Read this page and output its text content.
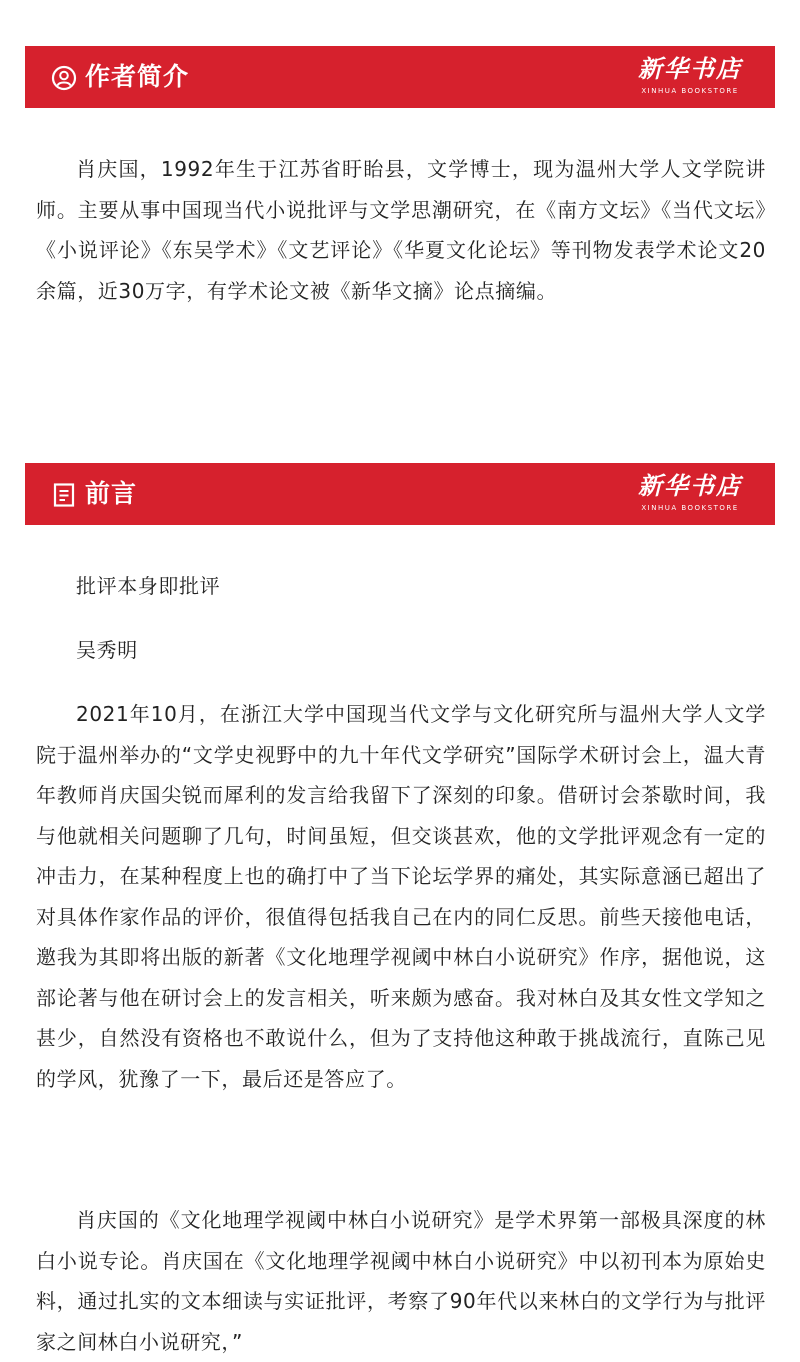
作者简介	新华书店
XINHUA BOOKSTORE

肖庆国，1992年生于江苏省盱眙县，文学博士，现为温州大学人文学院讲师。主要从事中国现当代小说批评与文学思潮研究，在《南方文坛》《当代文坛》《小说评论》《东吴学术》《文艺评论》《华夏文化论坛》等刊物发表学术论文20余篇，近30万字，有学术论文被《新华文摘》论点摘编。

前言	新华书店
XINHUA BOOKSTORE

批评本身即批评

吴秀明

2021年10月，在浙江大学中国现当代文学与文化研究所与温州大学人文学院于温州举办的“文学史视野中的九十年代文学研究”国际学术研讨会上，温大青年教师肖庆国尖锐而犀利的发言给我留下了深刻的印象。借研讨会茶歇时间，我与他就相关问题聊了几句，时间虽短，但交谈甚欢，他的文学批评观念有一定的冲击力，在某种程度上也的确打中了当下论坛学界的痛处，其实际意涵已超出了对具体作家作品的评价，很值得包括我自己在内的同仁反思。前些天接他电话，邀我为其即将出版的新著《文化地理学视阈中林白小说研究》作序，据他说，这部论著与他在研讨会上的发言相关，听来颇为感奋。我对林白及其女性文学知之甚少，自然没有资格也不敢说什么，但为了支持他这种敢于挑战流行，直陈己见的学风，犹豫了一下，最后还是答应了。

肖庆国的《文化地理学视阈中林白小说研究》是学术界第一部极具深度的林白小说专论。肖庆国在《文化地理学视阈中林白小说研究》中以初刊本为原始史料，通过扎实的文本细读与实证批评，考察了90年代以来林白的文学行为与批评家之间林白小说研究，”
